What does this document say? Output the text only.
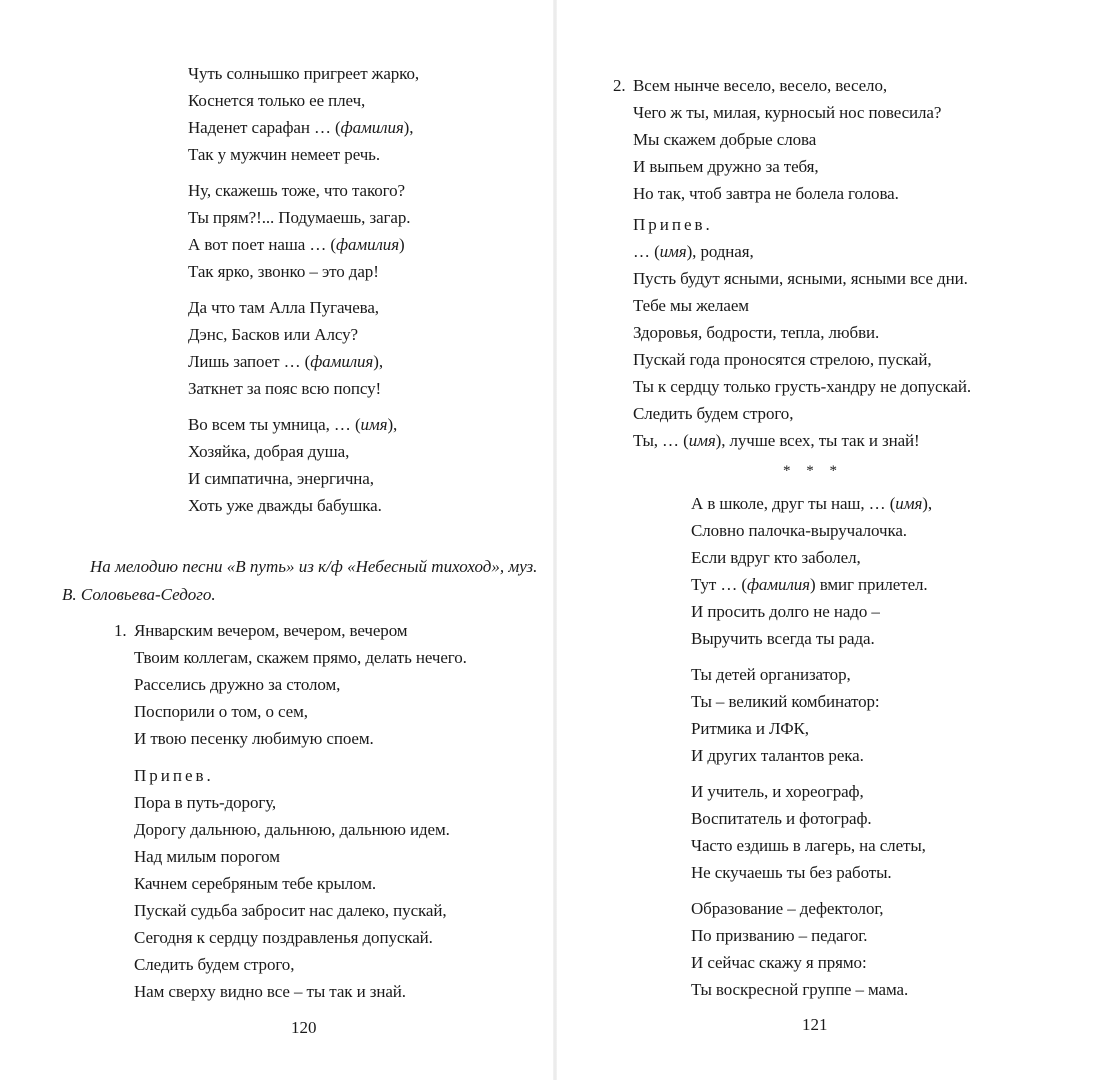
Чуть солнышко пригреет жарко,
Коснется только ее плеч,
Наденет сарафан … (фамилия),
Так у мужчин немеет речь.
Ну, скажешь тоже, что такого?
Ты прям?!... Подумаешь, загар.
А вот поет наша … (фамилия)
Так ярко, звонко – это дар!
Да что там Алла Пугачева,
Дэнс, Басков или Алсу?
Лишь запоет … (фамилия),
Заткнет за пояс всю попсу!
Во всем ты умница, … (имя),
Хозяйка, добрая душа,
И симпатична, энергична,
Хоть уже дважды бабушка.
На мелодию песни «В путь» из к/ф «Небесный тихоход», муз.
В. Соловьева-Седого.
1. Январским вечером, вечером, вечером
Твоим коллегам, скажем прямо, делать нечего.
Расселись дружно за столом,
Поспорили о том, о сем,
И твою песенку любимую споем.
Припев.
Пора в путь-дорогу,
Дорогу дальнюю, дальнюю, дальнюю идем.
Над милым порогом
Качнем серебряным тебе крылом.
Пускай судьба забросит нас далеко, пускай,
Сегодня к сердцу поздравленья допускай.
Следить будем строго,
Нам сверху видно все – ты так и знай.
120
2. Всем нынче весело, весело, весело,
Чего ж ты, милая, курносый нос повесила?
Мы скажем добрые слова
И выпьем дружно за тебя,
Но так, чтоб завтра не болела голова.
Припев.
… (имя), родная,
Пусть будут ясными, ясными, ясными все дни.
Тебе мы желаем
Здоровья, бодрости, тепла, любви.
Пускай года проносятся стрелою, пускай,
Ты к сердцу только грусть-хандру не допускай.
Следить будем строго,
Ты, … (имя), лучше всех, ты так и знай!
* * *
А в школе, друг ты наш, … (имя),
Словно палочка-выручалочка.
Если вдруг кто заболел,
Тут … (фамилия) вмиг прилетел.
И просить долго не надо –
Выручить всегда ты рада.
Ты детей организатор,
Ты – великий комбинатор:
Ритмика и ЛФК,
И других талантов река.
И учитель, и хореограф,
Воспитатель и фотограф.
Часто ездишь в лагерь, на слеты,
Не скучаешь ты без работы.
Образование – дефектолог,
По призванию – педагог.
И сейчас скажу я прямо:
Ты воскресной группе – мама.
121
